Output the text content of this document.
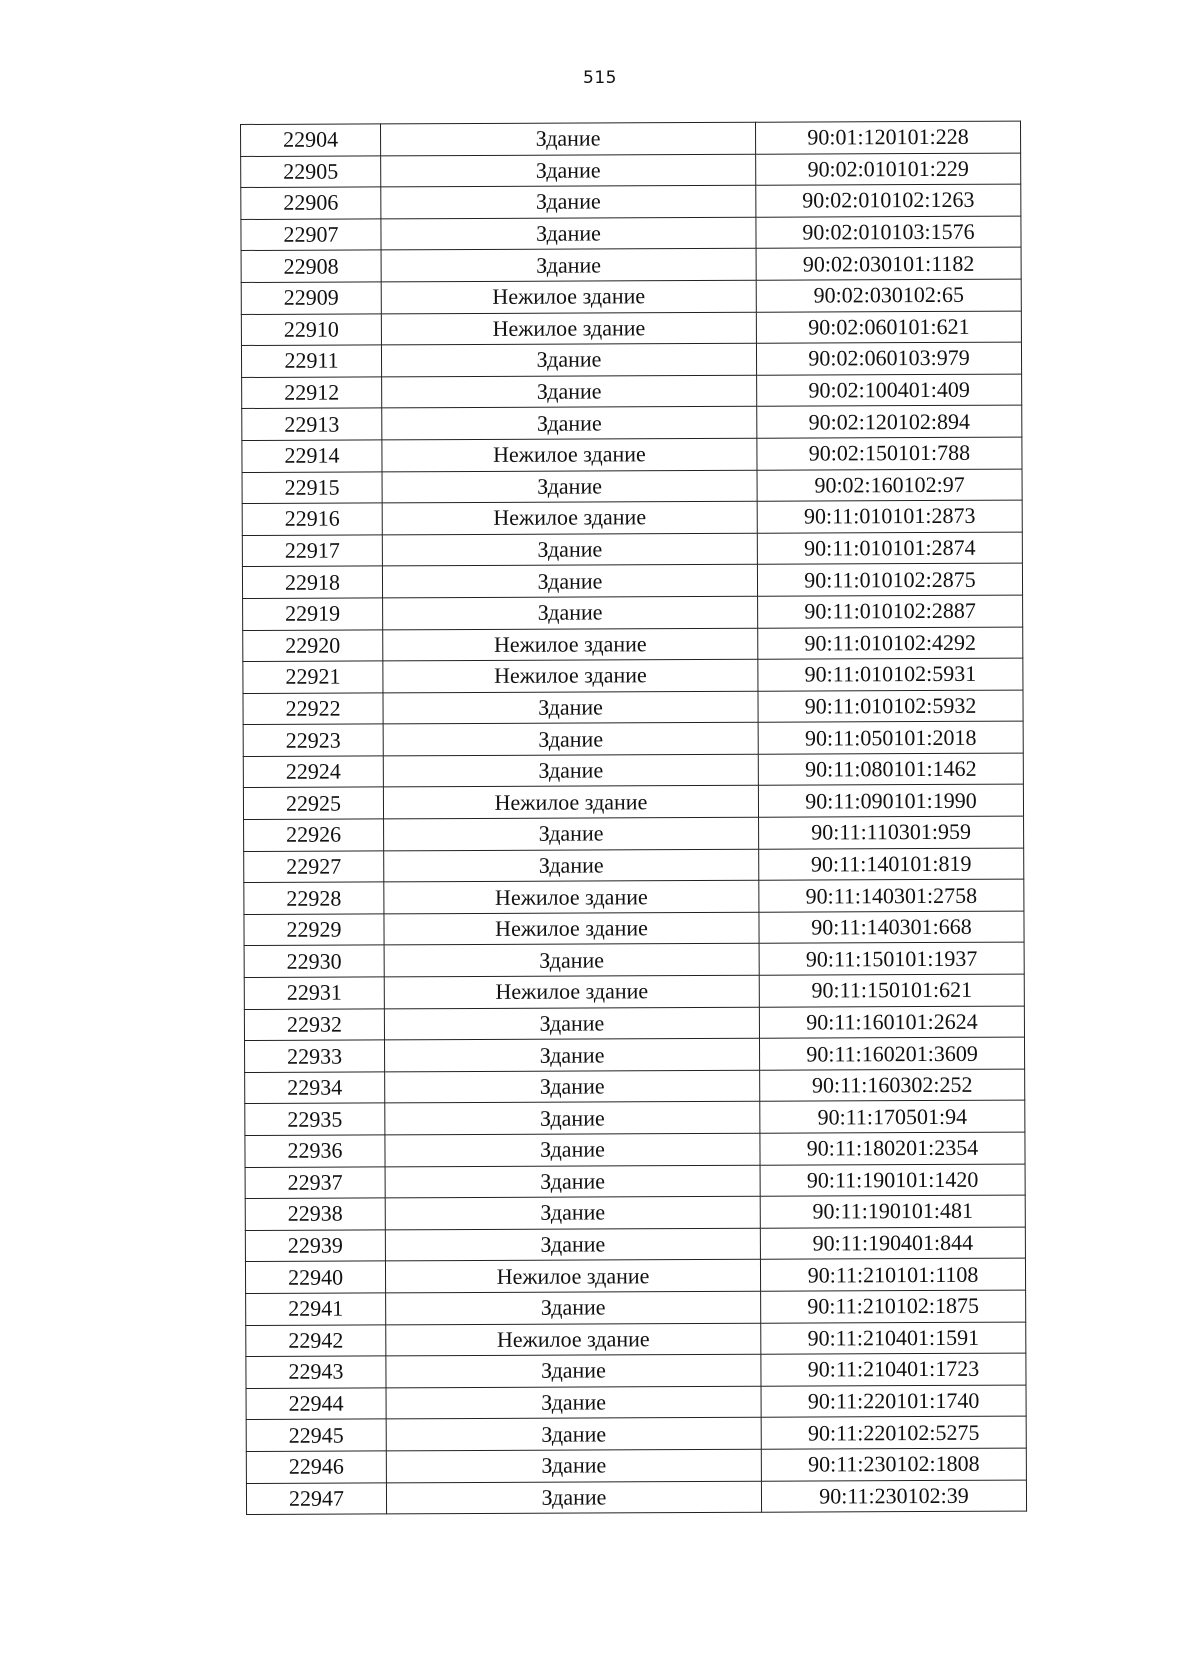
515
22904	Здание	90:01:120101:228
22905	Здание	90:02:010101:229
22906	Здание	90:02:010102:1263
22907	Здание	90:02:010103:1576
22908	Здание	90:02:030101:1182
22909	Нежилое здание	90:02:030102:65
22910	Нежилое здание	90:02:060101:621
22911	Здание	90:02:060103:979
22912	Здание	90:02:100401:409
22913	Здание	90:02:120102:894
22914	Нежилое здание	90:02:150101:788
22915	Здание	90:02:160102:97
22916	Нежилое здание	90:11:010101:2873
22917	Здание	90:11:010101:2874
22918	Здание	90:11:010102:2875
22919	Здание	90:11:010102:2887
22920	Нежилое здание	90:11:010102:4292
22921	Нежилое здание	90:11:010102:5931
22922	Здание	90:11:010102:5932
22923	Здание	90:11:050101:2018
22924	Здание	90:11:080101:1462
22925	Нежилое здание	90:11:090101:1990
22926	Здание	90:11:110301:959
22927	Здание	90:11:140101:819
22928	Нежилое здание	90:11:140301:2758
22929	Нежилое здание	90:11:140301:668
22930	Здание	90:11:150101:1937
22931	Нежилое здание	90:11:150101:621
22932	Здание	90:11:160101:2624
22933	Здание	90:11:160201:3609
22934	Здание	90:11:160302:252
22935	Здание	90:11:170501:94
22936	Здание	90:11:180201:2354
22937	Здание	90:11:190101:1420
22938	Здание	90:11:190101:481
22939	Здание	90:11:190401:844
22940	Нежилое здание	90:11:210101:1108
22941	Здание	90:11:210102:1875
22942	Нежилое здание	90:11:210401:1591
22943	Здание	90:11:210401:1723
22944	Здание	90:11:220101:1740
22945	Здание	90:11:220102:5275
22946	Здание	90:11:230102:1808
22947	Здание	90:11:230102:39
